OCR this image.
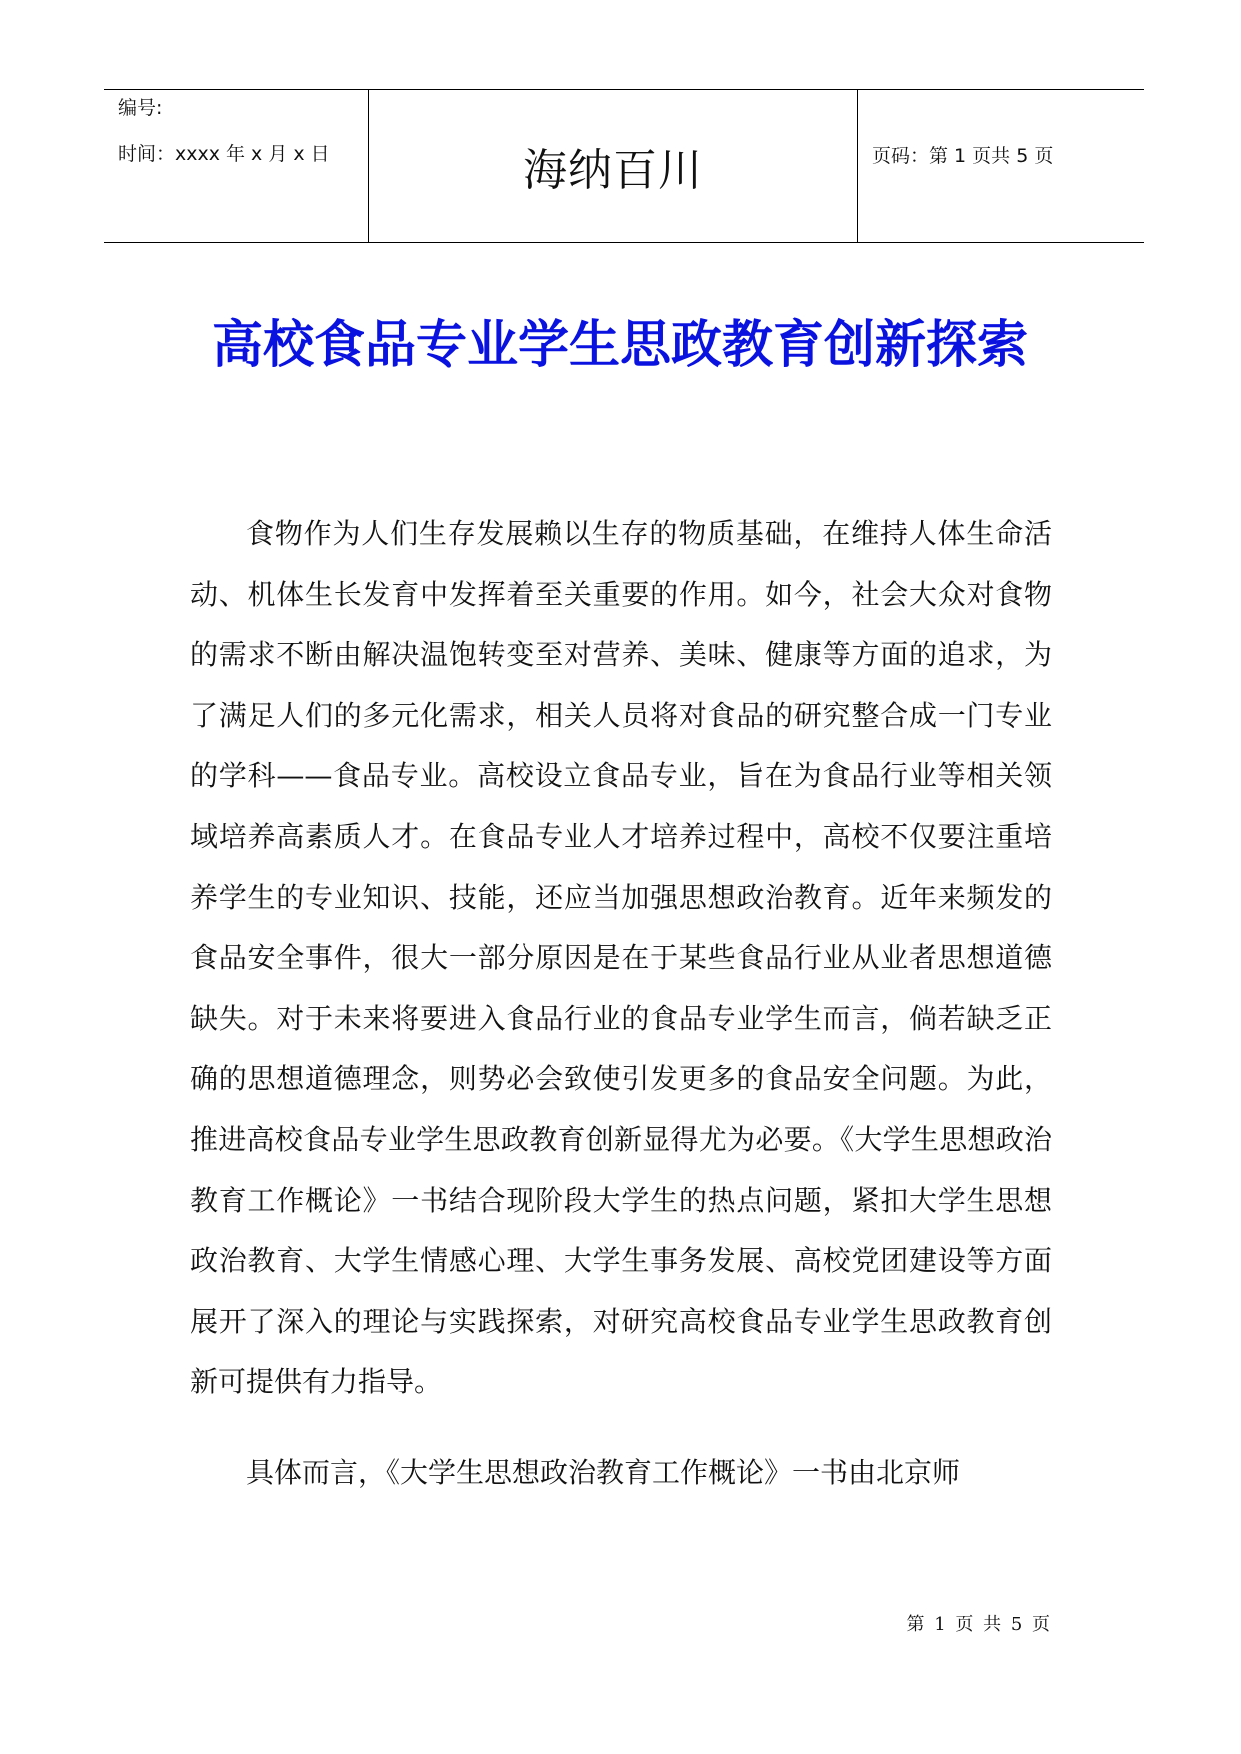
编号:
时间：xxxx 年 x 月 x 日	海纳百川	页码：第 1 页共 5 页
高校食品专业学生思政教育创新探索

食物作为人们生存发展赖以生存的物质基础，在维持人体生命活动、机体生长发育中发挥着至关重要的作用。如今，社会大众对食物的需求不断由解决温饱转变至对营养、美味、健康等方面的追求，为了满足人们的多元化需求，相关人员将对食品的研究整合成一门专业的学科——食品专业。高校设立食品专业，旨在为食品行业等相关领域培养高素质人才。在食品专业人才培养过程中，高校不仅要注重培养学生的专业知识、技能，还应当加强思想政治教育。近年来频发的食品安全事件，很大一部分原因是在于某些食品行业从业者思想道德缺失。对于未来将要进入食品行业的食品专业学生而言，倘若缺乏正确的思想道德理念，则势必会致使引发更多的食品安全问题。为此，推进高校食品专业学生思政教育创新显得尤为必要。《大学生思想政治教育工作概论》一书结合现阶段大学生的热点问题，紧扣大学生思想政治教育、大学生情感心理、大学生事务发展、高校党团建设等方面展开了深入的理论与实践探索，对研究高校食品专业学生思政教育创新可提供有力指导。

具体而言，《大学生思想政治教育工作概论》一书由北京师

第 1 页 共 5 页
